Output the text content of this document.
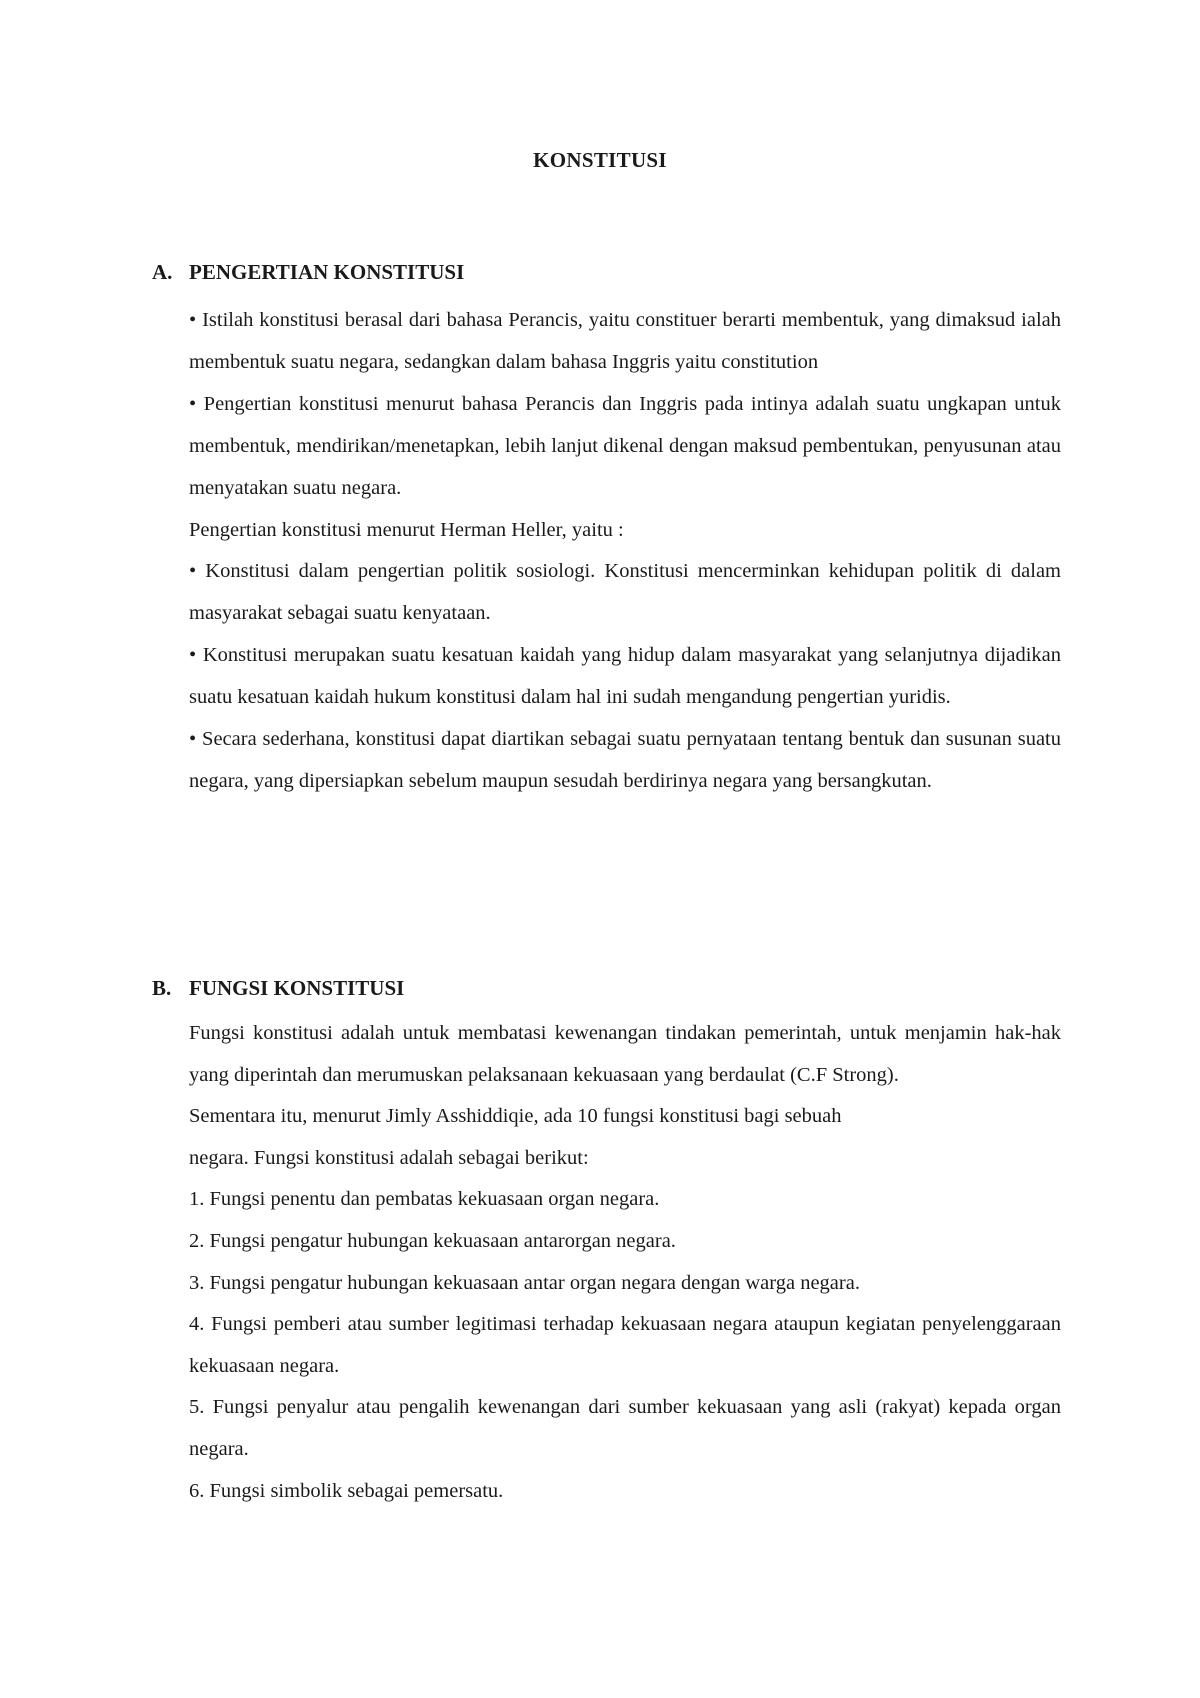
KONSTITUSI
A. PENGERTIAN KONSTITUSI

• Istilah konstitusi berasal dari bahasa Perancis, yaitu constituer berarti membentuk, yang dimaksud ialah membentuk suatu negara, sedangkan dalam bahasa Inggris yaitu constitution

• Pengertian konstitusi menurut bahasa Perancis dan Inggris pada intinya adalah suatu ungkapan untuk membentuk, mendirikan/menetapkan, lebih lanjut dikenal dengan maksud pembentukan, penyusunan atau menyatakan suatu negara.

Pengertian konstitusi menurut Herman Heller, yaitu :

• Konstitusi dalam pengertian politik sosiologi. Konstitusi mencerminkan kehidupan politik di dalam masyarakat sebagai suatu kenyataan.

• Konstitusi merupakan suatu kesatuan kaidah yang hidup dalam masyarakat yang selanjutnya dijadikan suatu kesatuan kaidah hukum konstitusi dalam hal ini sudah mengandung pengertian yuridis.

• Secara sederhana, konstitusi dapat diartikan sebagai suatu pernyataan tentang bentuk dan susunan suatu negara, yang dipersiapkan sebelum maupun sesudah berdirinya negara yang bersangkutan.

B. FUNGSI KONSTITUSI

Fungsi konstitusi adalah untuk membatasi kewenangan tindakan pemerintah, untuk menjamin hak-hak yang diperintah dan merumuskan pelaksanaan kekuasaan yang berdaulat (C.F Strong).

Sementara itu, menurut Jimly Asshiddiqie, ada 10 fungsi konstitusi bagi sebuah

negara. Fungsi konstitusi adalah sebagai berikut:

1. Fungsi penentu dan pembatas kekuasaan organ negara.

2. Fungsi pengatur hubungan kekuasaan antarorgan negara.

3. Fungsi pengatur hubungan kekuasaan antar organ negara dengan warga negara.

4. Fungsi pemberi atau sumber legitimasi terhadap kekuasaan negara ataupun kegiatan penyelenggaraan kekuasaan negara.

5. Fungsi penyalur atau pengalih kewenangan dari sumber kekuasaan yang asli (rakyat) kepada organ negara.

6. Fungsi simbolik sebagai pemersatu.
